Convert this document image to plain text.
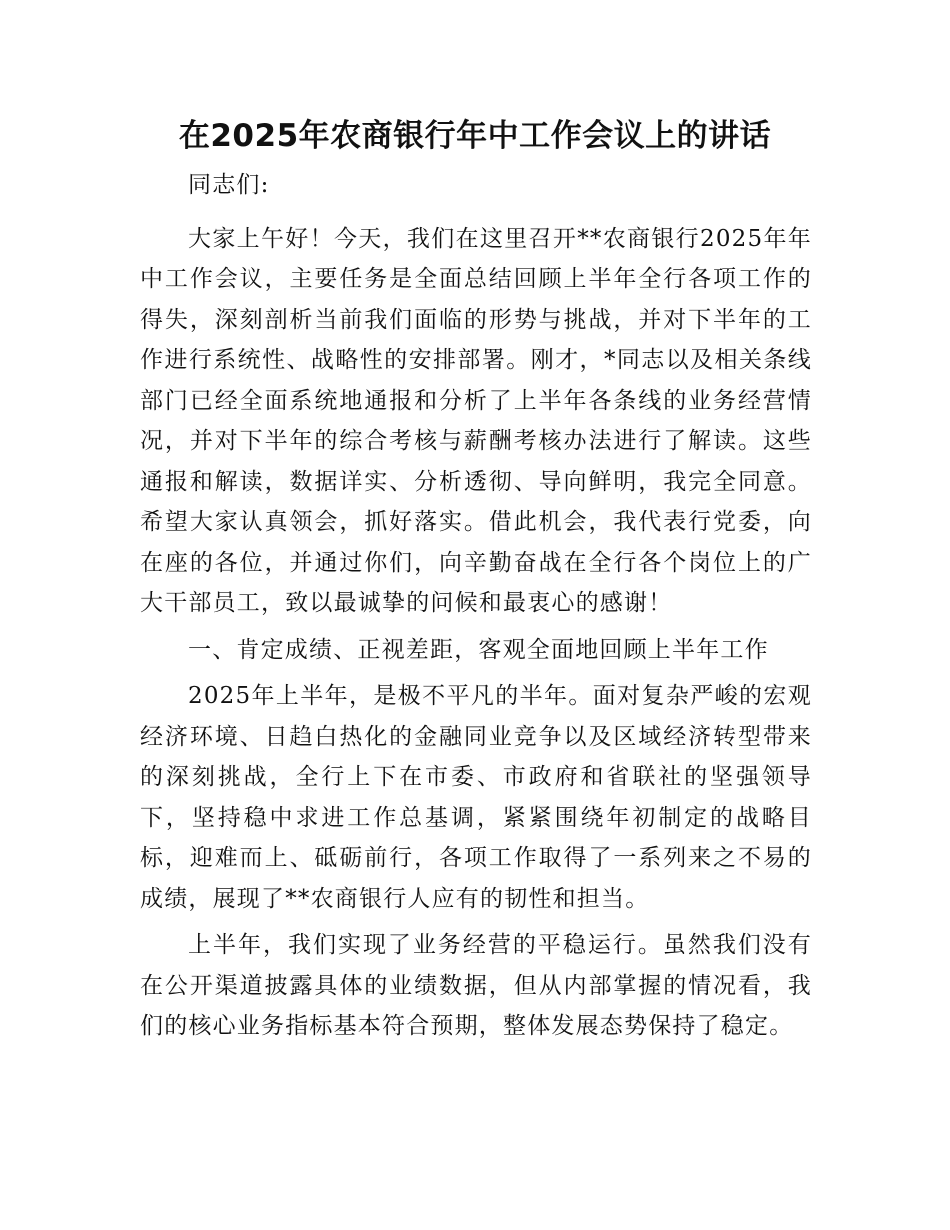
在2025年农商银行年中工作会议上的讲话

同志们:

大家上午好！今天，我们在这里召开**农商银行2025年年中工作会议，主要任务是全面总结回顾上半年全行各项工作的得失，深刻剖析当前我们面临的形势与挑战，并对下半年的工作进行系统性、战略性的安排部署。刚才，*同志以及相关条线部门已经全面系统地通报和分析了上半年各条线的业务经营情况，并对下半年的综合考核与薪酬考核办法进行了解读。这些通报和解读，数据详实、分析透彻、导向鲜明，我完全同意。希望大家认真领会，抓好落实。借此机会，我代表行党委，向在座的各位，并通过你们，向辛勤奋战在全行各个岗位上的广大干部员工，致以最诚挚的问候和最衷心的感谢！

一、肯定成绩、正视差距，客观全面地回顾上半年工作

2025年上半年，是极不平凡的半年。面对复杂严峻的宏观经济环境、日趋白热化的金融同业竞争以及区域经济转型带来的深刻挑战，全行上下在市委、市政府和省联社的坚强领导下，坚持稳中求进工作总基调，紧紧围绕年初制定的战略目标，迎难而上、砥砺前行，各项工作取得了一系列来之不易的成绩，展现了**农商银行人应有的韧性和担当。

上半年，我们实现了业务经营的平稳运行。虽然我们没有在公开渠道披露具体的业绩数据，但从内部掌握的情况看，我们的核心业务指标基本符合预期，整体发展态势保持了稳定。
